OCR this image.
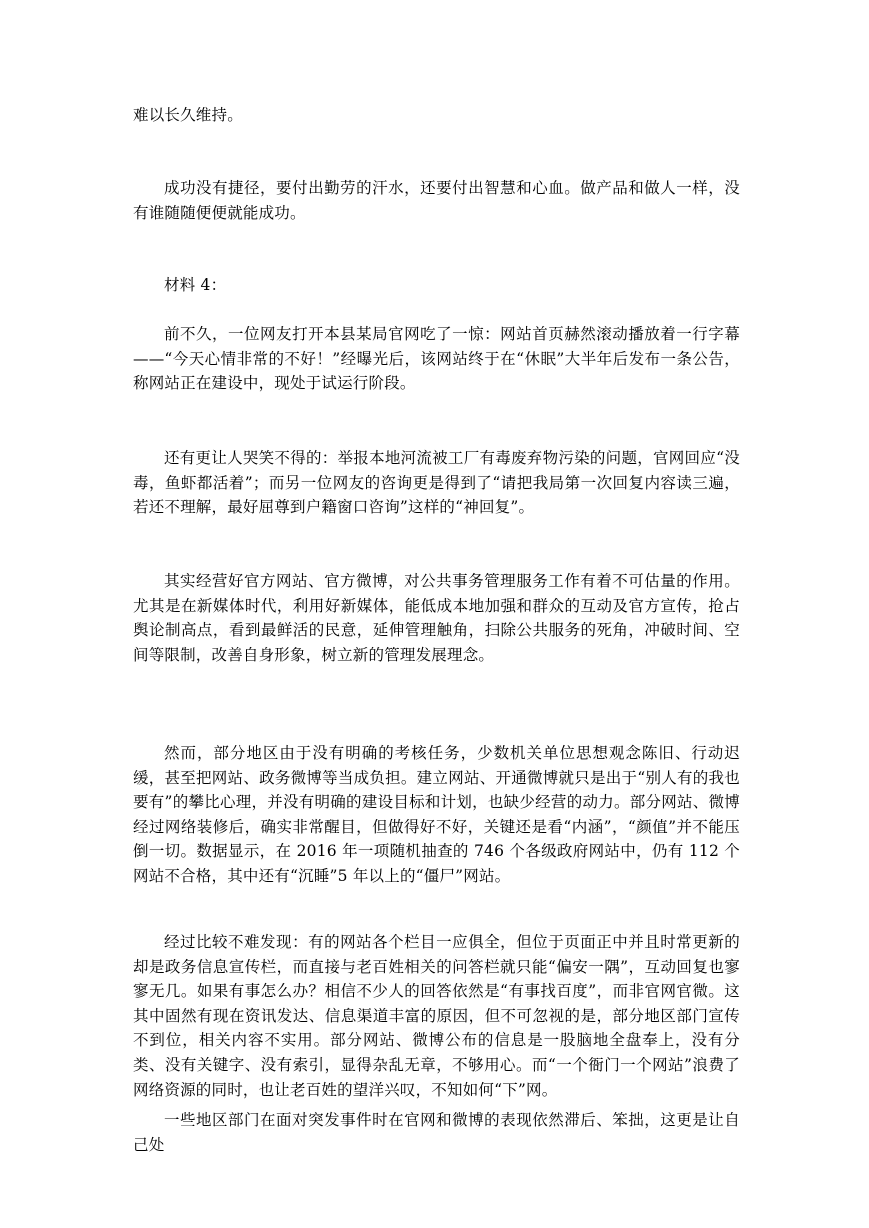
难以长久维持。

成功没有捷径，要付出勤劳的汗水，还要付出智慧和心血。做产品和做人一样，没有谁随随便便就能成功。

材料 4：

前不久，一位网友打开本县某局官网吃了一惊：网站首页赫然滚动播放着一行字幕——“今天心情非常的不好！”经曝光后，该网站终于在“休眠”大半年后发布一条公告，称网站正在建设中，现处于试运行阶段。

还有更让人哭笑不得的：举报本地河流被工厂有毒废弃物污染的问题，官网回应“没毒，鱼虾都活着”；而另一位网友的咨询更是得到了“请把我局第一次回复内容读三遍，若还不理解，最好屈尊到户籍窗口咨询”这样的“神回复”。

其实经营好官方网站、官方微博，对公共事务管理服务工作有着不可估量的作用。尤其是在新媒体时代，利用好新媒体，能低成本地加强和群众的互动及官方宣传，抢占舆论制高点，看到最鲜活的民意，延伸管理触角，扫除公共服务的死角，冲破时间、空间等限制，改善自身形象，树立新的管理发展理念。

然而，部分地区由于没有明确的考核任务，少数机关单位思想观念陈旧、行动迟缓，甚至把网站、政务微博等当成负担。建立网站、开通微博就只是出于“别人有的我也要有”的攀比心理，并没有明确的建设目标和计划，也缺少经营的动力。部分网站、微博经过网络装修后，确实非常醒目，但做得好不好，关键还是看“内涵”，“颜值”并不能压倒一切。数据显示，在 2016 年一项随机抽查的 746 个各级政府网站中，仍有 112 个网站不合格，其中还有“沉睡”5 年以上的“僵尸”网站。

经过比较不难发现：有的网站各个栏目一应俱全，但位于页面正中并且时常更新的却是政务信息宣传栏，而直接与老百姓相关的问答栏就只能“偏安一隅”，互动回复也寥寥无几。如果有事怎么办？相信不少人的回答依然是“有事找百度”，而非官网官微。这其中固然有现在资讯发达、信息渠道丰富的原因，但不可忽视的是，部分地区部门宣传不到位，相关内容不实用。部分网站、微博公布的信息是一股脑地全盘奉上，没有分类、没有关键字、没有索引，显得杂乱无章，不够用心。而“一个衙门一个网站”浪费了网络资源的同时，也让老百姓的望洋兴叹，不知如何“下”网。

一些地区部门在面对突发事件时在官网和微博的表现依然滞后、笨拙，这更是让自己处
